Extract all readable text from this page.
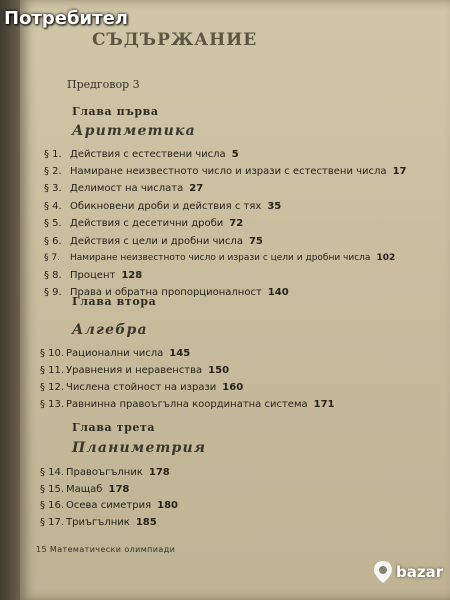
СЪДЪРЖАНИЕ
Предговор 3
Глава първа
Аритметика
§ 1. Действия с естествени числа 5
§ 2. Намиране неизвестното число и изрази с естествени числа 17
§ 3. Делимост на числата 27
§ 4. Обикновени дроби и действия с тях 35
§ 5. Действия с десетични дроби 72
§ 6. Действия с цели и дробни числа 75
§ 7. Намиране неизвестното число и изрази с цели и дробни числа 102
§ 8. Процент 128
§ 9. Права и обратна пропорционалност 140
Глава втора
Алгебра
§ 10. Рационални числа 145
§ 11. Уравнения и неравенства 150
§ 12. Числена стойност на изрази 160
§ 13. Равнинна правоъгълна координатна система 171
Глава трета
Планиметрия
§ 14. Правоъгълник 178
§ 15. Мащаб 178
§ 16. Осева симетрия 180
§ 17. Триъгълник 185
15 Математически олимпиади
Потребител
bazar
